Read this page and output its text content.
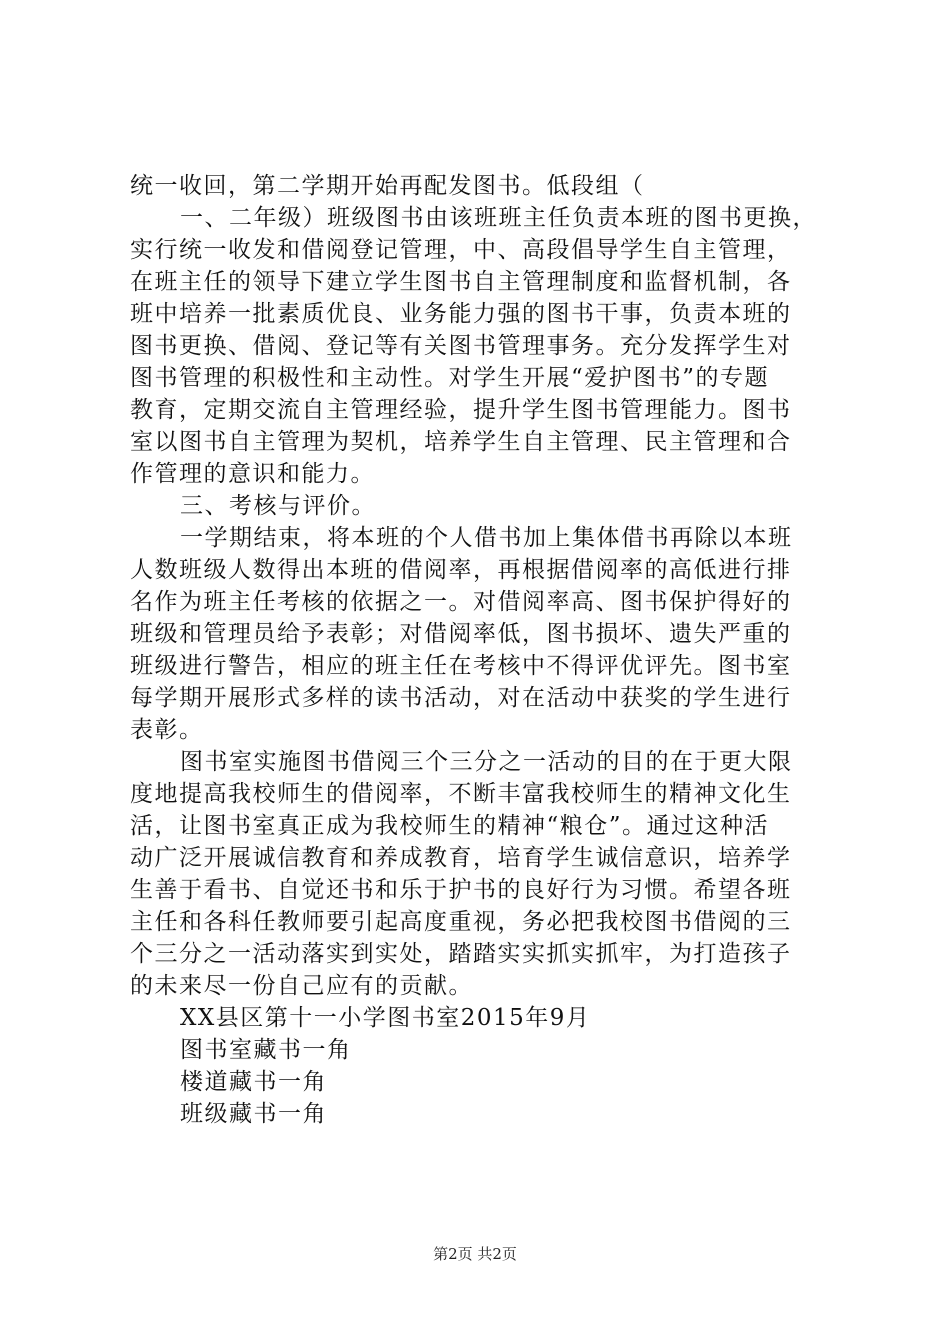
统一收回，第二学期开始再配发图书。低段组（
一、二年级）班级图书由该班班主任负责本班的图书更换，
实行统一收发和借阅登记管理，中、高段倡导学生自主管理，
在班主任的领导下建立学生图书自主管理制度和监督机制，各
班中培养一批素质优良、业务能力强的图书干事，负责本班的
图书更换、借阅、登记等有关图书管理事务。充分发挥学生对
图书管理的积极性和主动性。对学生开展“爱护图书”的专题
教育，定期交流自主管理经验，提升学生图书管理能力。图书
室以图书自主管理为契机，培养学生自主管理、民主管理和合
作管理的意识和能力。
三、考核与评价。
一学期结束，将本班的个人借书加上集体借书再除以本班
人数班级人数得出本班的借阅率，再根据借阅率的高低进行排
名作为班主任考核的依据之一。对借阅率高、图书保护得好的
班级和管理员给予表彰；对借阅率低，图书损坏、遗失严重的
班级进行警告，相应的班主任在考核中不得评优评先。图书室
每学期开展形式多样的读书活动，对在活动中获奖的学生进行
表彰。
图书室实施图书借阅三个三分之一活动的目的在于更大限
度地提高我校师生的借阅率，不断丰富我校师生的精神文化生
活，让图书室真正成为我校师生的精神“粮仓”。通过这种活
动广泛开展诚信教育和养成教育，培育学生诚信意识，培养学
生善于看书、自觉还书和乐于护书的良好行为习惯。希望各班
主任和各科任教师要引起高度重视，务必把我校图书借阅的三
个三分之一活动落实到实处，踏踏实实抓实抓牢，为打造孩子
的未来尽一份自己应有的贡献。
XX县区第十一小学图书室2015年9月
图书室藏书一角
楼道藏书一角
班级藏书一角
第2页 共2页
